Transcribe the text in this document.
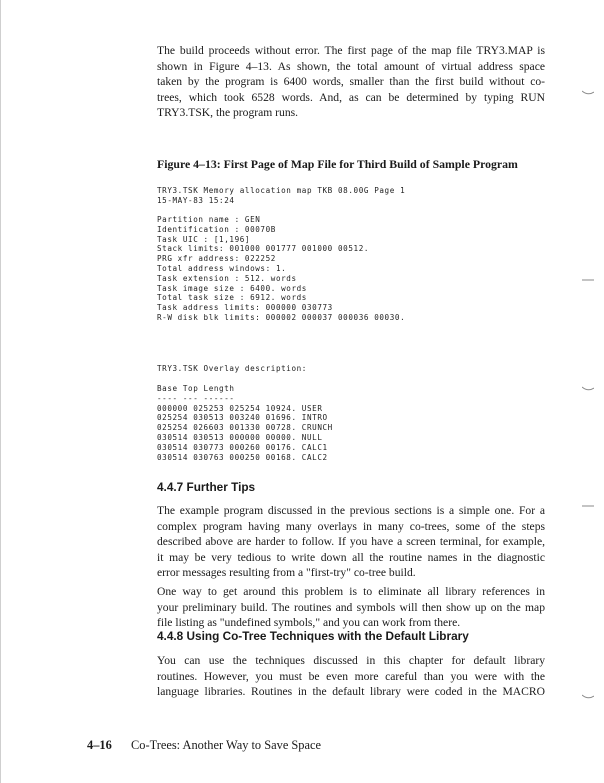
The build proceeds without error. The first page of the map file TRY3.MAP is
shown in Figure 4–13. As shown, the total amount of virtual address space
taken by the program is 6400 words, smaller than the first build without co-
trees, which took 6528 words. And, as can be determined by typing RUN
TRY3.TSK, the program runs.
Figure 4–13: First Page of Map File for Third Build of Sample Program
TRY3.TSK Memory allocation map TKB 08.00G Page 1
15-MAY-83 15:24
Partition name : GEN
Identification : 00070B
Task UIC : [1,196]
Stack limits: 001000 001777 001000 00512.
PRG xfr address: 022252
Total address windows: 1.
Task extension : 512. words
Task image size : 6400. words
Total task size : 6912. words
Task address limits: 000000 030773
R-W disk blk limits: 000002 000037 000036 00030.
TRY3.TSK Overlay description:
Base Top Length
---- --- ------
000000 025253 025254 10924. USER
025254 030513 003240 01696. INTRO
025254 026603 001330 00728. CRUNCH
030514 030513 000000 00000. NULL
030514 030773 000260 00176. CALC1
030514 030763 000250 00168. CALC2
4.4.7 Further Tips
The example program discussed in the previous sections is a simple one. For a
complex program having many overlays in many co-trees, some of the steps
described above are harder to follow. If you have a screen terminal, for example,
it may be very tedious to write down all the routine names in the diagnostic
error messages resulting from a "first-try" co-tree build.
One way to get around this problem is to eliminate all library references in
your preliminary build. The routines and symbols will then show up on the map
file listing as "undefined symbols," and you can work from there.
4.4.8 Using Co-Tree Techniques with the Default Library
You can use the techniques discussed in this chapter for default library
routines. However, you must be even more careful than you were with the
language libraries. Routines in the default library were coded in the MACRO
4–16 Co-Trees: Another Way to Save Space
